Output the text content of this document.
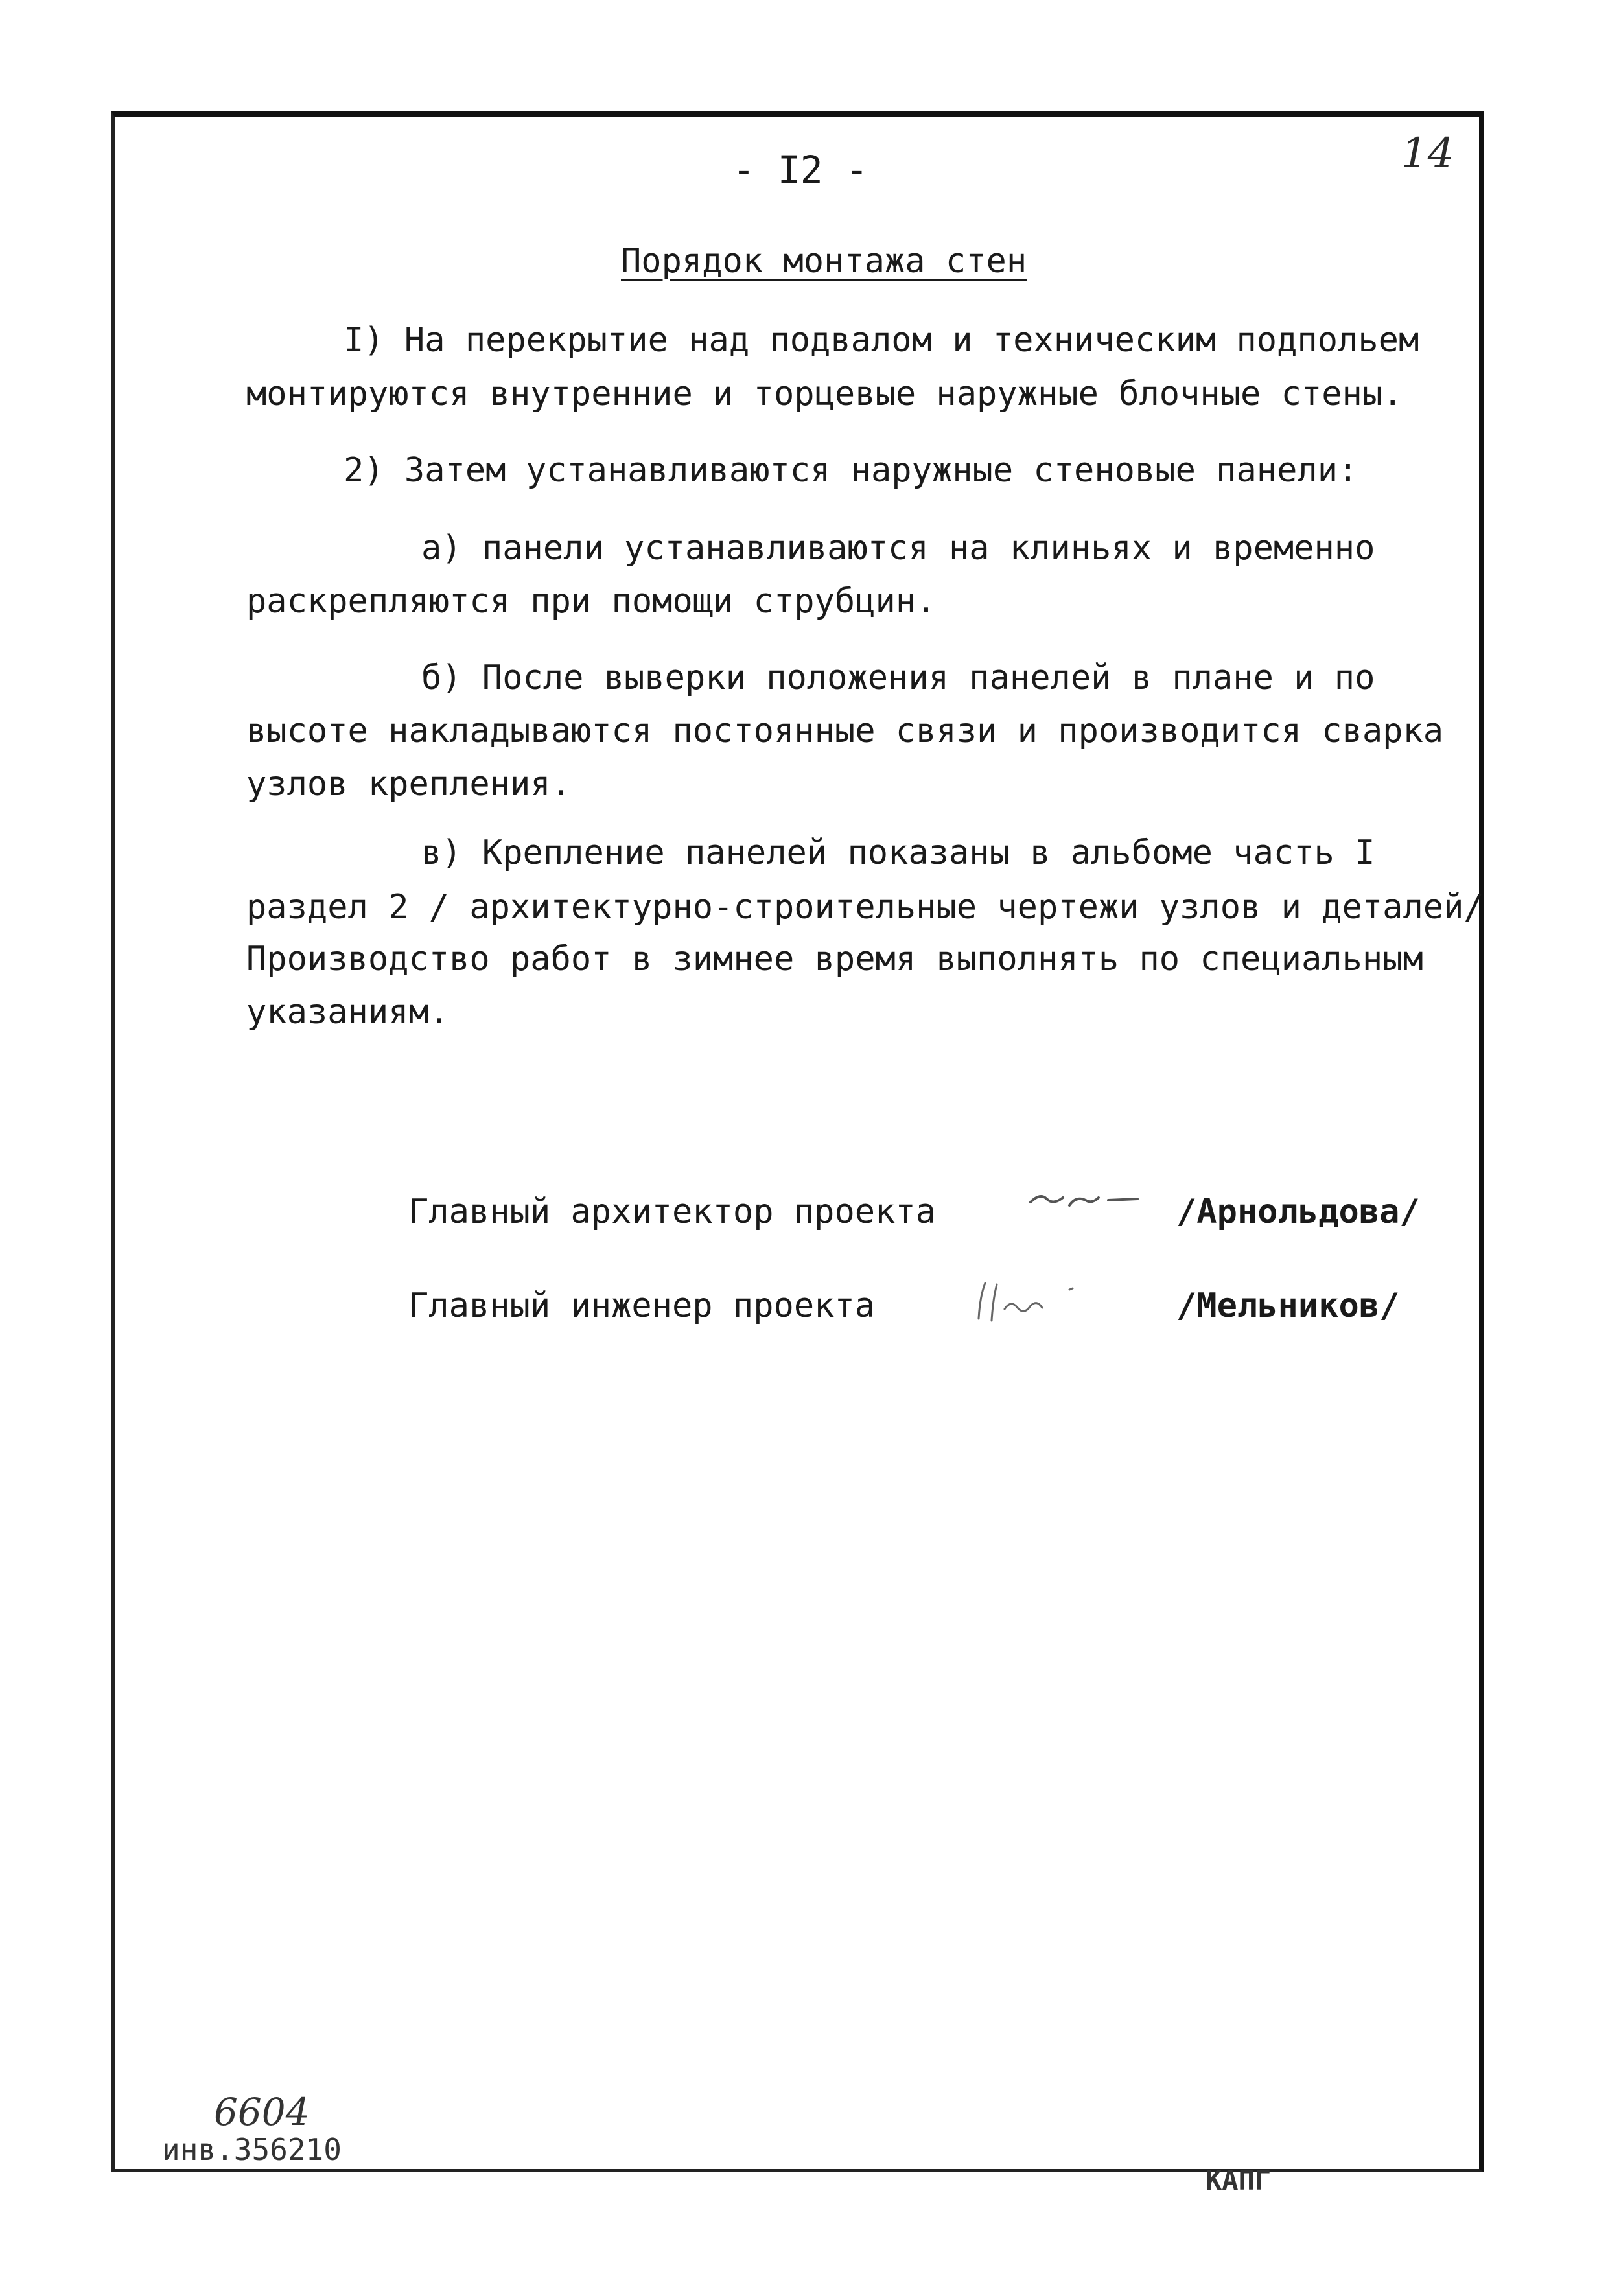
- I2 -	14
Порядок монтажа стен
I) На перекрытие над подвалом и техническим подпольем
монтируются внутренние и торцевые наружные блочные стены.
2) Затем устанавливаются наружные стеновые панели:
а) панели устанавливаются на клиньях и временно
раскрепляются при помощи струбцин.
б) После выверки положения панелей в плане и по
высоте накладываются постоянные связи и производится сварка
узлов крепления.
в) Крепление панелей показаны в альбоме часть I
раздел 2 / архитектурно-строительные чертежи узлов и деталей/
Производство работ в зимнее время выполнять по специальным
указаниям.
Главный архитектор проекта	/Арнольдова/
Главный инженер проекта	/Мельников/
6604
инв.356210
КАПГ
